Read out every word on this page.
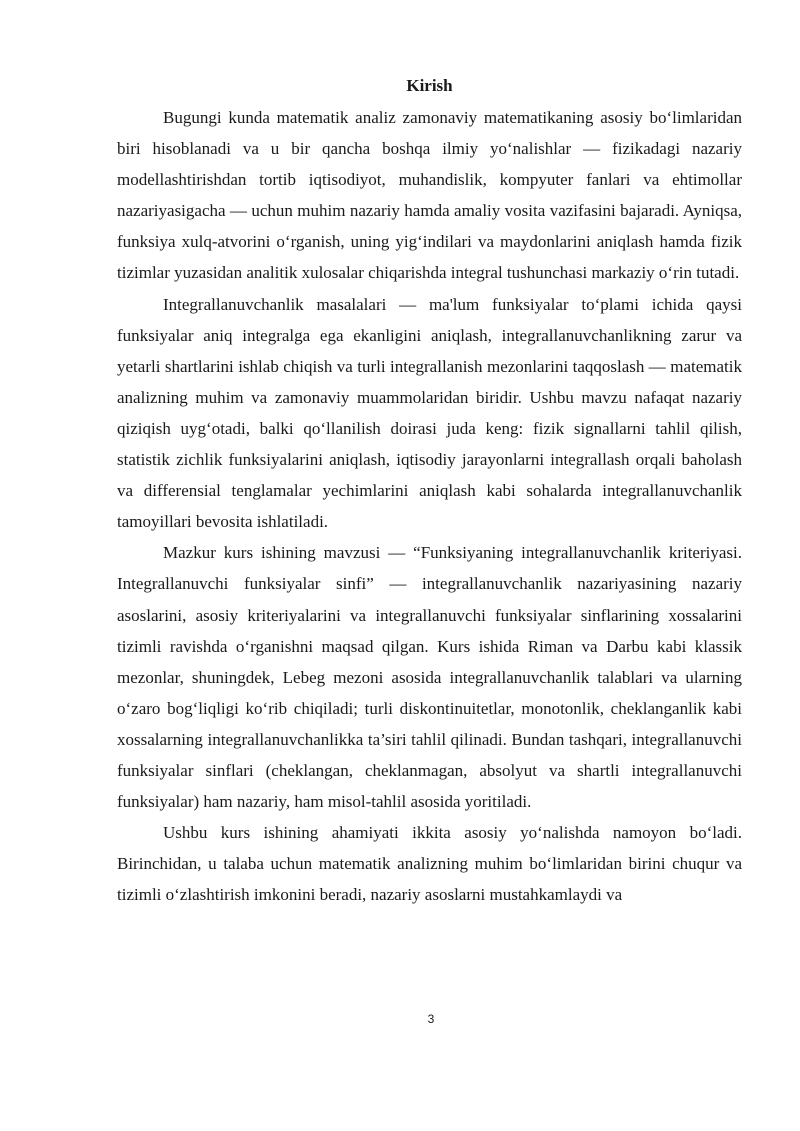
Kirish

Bugungi kunda matematik analiz zamonaviy matematikaning asosiy bo‘limlaridan biri hisoblanadi va u bir qancha boshqa ilmiy yo‘nalishlar — fizikadagi nazariy modellashtirishdan tortib iqtisodiyot, muhandislik, kompyuter fanlari va ehtimollar nazariyasigacha — uchun muhim nazariy hamda amaliy vosita vazifasini bajaradi. Ayniqsa, funksiya xulq-atvorini o‘rganish, uning yig‘indilari va maydonlarini aniqlash hamda fizik tizimlar yuzasidan analitik xulosalar chiqarishda integral tushunchasi markaziy o‘rin tutadi.

Integrallanuvchanlik masalalari — ma'lum funksiyalar to‘plami ichida qaysi funksiyalar aniq integralga ega ekanligini aniqlash, integrallanuvchanlikning zarur va yetarli shartlarini ishlab chiqish va turli integrallanish mezonlarini taqqoslash — matematik analizning muhim va zamonaviy muammolaridan biridir. Ushbu mavzu nafaqat nazariy qiziqish uyg‘otadi, balki qo‘llanilish doirasi juda keng: fizik signallarni tahlil qilish, statistik zichlik funksiyalarini aniqlash, iqtisodiy jarayonlarni integrallash orqali baholash va differensial tenglamalar yechimlarini aniqlash kabi sohalarda integrallanuvchanlik tamoyillari bevosita ishlatiladi.

Mazkur kurs ishining mavzusi — “Funksiyaning integrallanuvchanlik kriteriyasi. Integrallanuvchi funksiyalar sinfi” — integrallanuvchanlik nazariyasining nazariy asoslarini, asosiy kriteriyalarini va integrallanuvchi funksiyalar sinflarining xossalarini tizimli ravishda o‘rganishni maqsad qilgan. Kurs ishida Riman va Darbu kabi klassik mezonlar, shuningdek, Lebeg mezoni asosida integrallanuvchanlik talablari va ularning o‘zaro bog‘liqligi ko‘rib chiqiladi; turli diskontinuitetlar, monotonlik, cheklanganlik kabi xossalarning integrallanuvchanlikka ta’siri tahlil qilinadi. Bundan tashqari, integrallanuvchi funksiyalar sinflari (cheklangan, cheklanmagan, absolyut va shartli integrallanuvchi funksiyalar) ham nazariy, ham misol-tahlil asosida yoritiladi.

Ushbu kurs ishining ahamiyati ikkita asosiy yo‘nalishda namoyon bo‘ladi. Birinchidan, u talaba uchun matematik analizning muhim bo‘limlaridan birini chuqur va tizimli o‘zlashtirish imkonini beradi, nazariy asoslarni mustahkamlaydi va

3
